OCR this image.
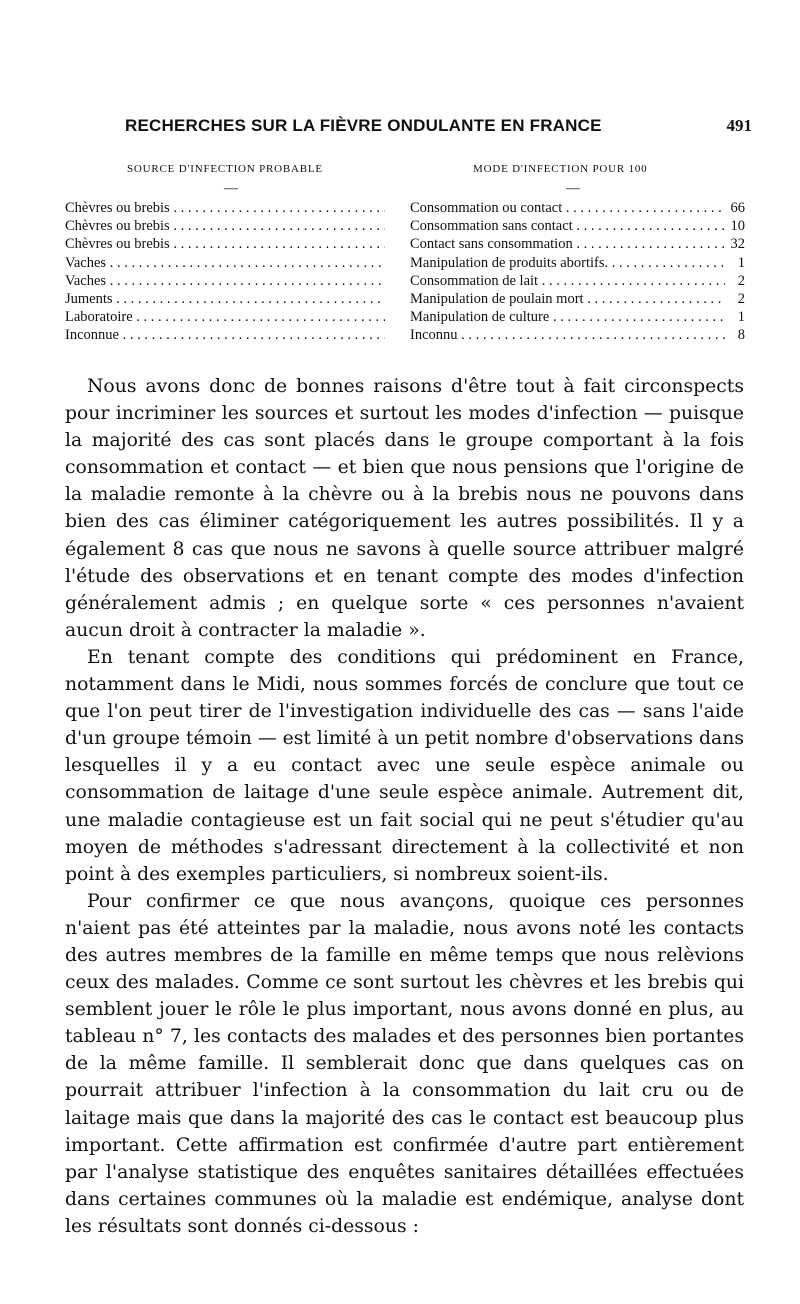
RECHERCHES SUR LA FIÈVRE ONDULANTE EN FRANCE	491
SOURCE D'INFECTION PROBABLE	MODE D'INFECTION POUR 100
—	—
Chèvres ou brebis . . .	Consommation ou contact . . .	66
Chèvres ou brebis . . .	Consommation sans contact . . .	10
Chèvres ou brebis . . .	Contact sans consommation . . .	32
Vaches . . .	Manipulation de produits abortifs. . . .	1
Vaches . . .	Consommation de lait . . .	2
Juments . . .	Manipulation de poulain mort . . .	2
Laboratoire . . .	Manipulation de culture . . .	1
Inconnue . . .	Inconnu . . .	8

Nous avons donc de bonnes raisons d'être tout à fait circonspects pour incriminer les sources et surtout les modes d'infection — puisque la majorité des cas sont placés dans le groupe comportant à la fois consommation et contact — et bien que nous pensions que l'origine de la maladie remonte à la chèvre ou à la brebis nous ne pouvons dans bien des cas éliminer catégoriquement les autres possibilités. Il y a également 8 cas que nous ne savons à quelle source attribuer malgré l'étude des observations et en tenant compte des modes d'infection généralement admis ; en quelque sorte « ces personnes n'avaient aucun droit à contracter la maladie ».

En tenant compte des conditions qui prédominent en France, notamment dans le Midi, nous sommes forcés de conclure que tout ce que l'on peut tirer de l'investigation individuelle des cas — sans l'aide d'un groupe témoin — est limité à un petit nombre d'observations dans lesquelles il y a eu contact avec une seule espèce animale ou consommation de laitage d'une seule espèce animale. Autrement dit, une maladie contagieuse est un fait social qui ne peut s'étudier qu'au moyen de méthodes s'adressant directement à la collectivité et non point à des exemples particuliers, si nombreux soient-ils.

Pour confirmer ce que nous avançons, quoique ces personnes n'aient pas été atteintes par la maladie, nous avons noté les contacts des autres membres de la famille en même temps que nous relèvions ceux des malades. Comme ce sont surtout les chèvres et les brebis qui semblent jouer le rôle le plus important, nous avons donné en plus, au tableau n° 7, les contacts des malades et des personnes bien portantes de la même famille. Il semblerait donc que dans quelques cas on pourrait attribuer l'infection à la consommation du lait cru ou de laitage mais que dans la majorité des cas le contact est beaucoup plus important. Cette affirmation est confirmée d'autre part entièrement par l'analyse statistique des enquêtes sanitaires détaillées effectuées dans certaines communes où la maladie est endémique, analyse dont les résultats sont donnés ci-dessous :
